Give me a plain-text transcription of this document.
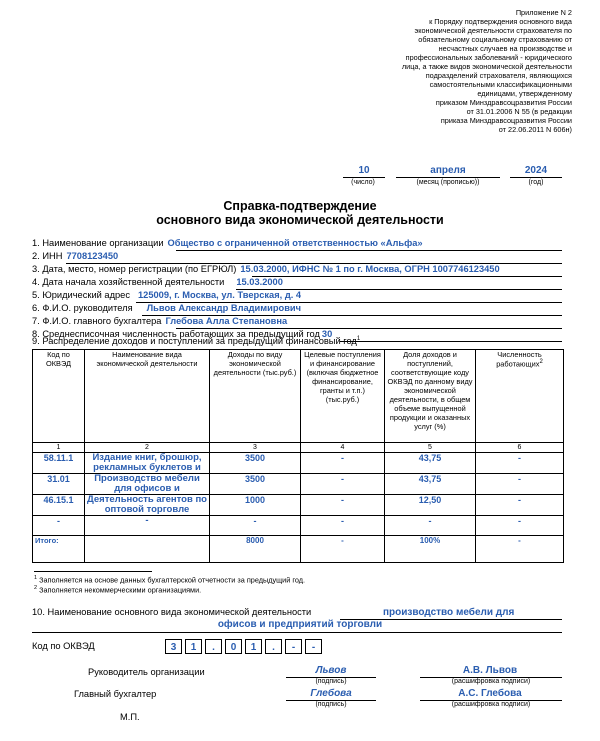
Приложение N 2
к Порядку подтверждения основного вида
экономической деятельности страхователя по
обязательному социальному страхованию от
несчастных случаев на производстве и
профессиональных заболеваний - юридического
лица, а также видов экономической деятельности
подразделений страхователя, являющихся
самостоятельными классификационными
единицами, утвержденному
приказом Минздравсоцразвития России
от 31.01.2006 N 55 (в редакции
приказа Минздравсоцразвития России
от 22.06.2011 N 606н)
10	апреля	2024
(число)	(месяц (прописью))	(год)
Справка-подтверждение
основного вида экономической деятельности
1. Наименование организации Общество с ограниченной ответственностью «Альфа»
2. ИНН 7708123450
3. Дата, место, номер регистрации (по ЕГРЮЛ) 15.03.2000, ИФНС № 1 по г. Москва, ОГРН 1007746123450
4. Дата начала хозяйственной деятельности 15.03.2000
5. Юридический адрес 125009, г. Москва, ул. Тверская, д. 4
6. Ф.И.О. руководителя Львов Александр Владимирович
7. Ф.И.О. главного бухгалтера Глебова Алла Степановна
8. Среднесписочная численность работающих за предыдущий год 30
9. Распределение доходов и поступлений за предыдущий финансовый год$^1$
Код по ОКВЭД	Наименование вида экономической деятельности	Доходы по виду экономической деятельности (тыс.руб.)	Целевые поступления и финансирование (включая бюджетное финансирование, гранты и т.п.) (тыс.руб.)	Доля доходов и поступлений, соответствующие коду ОКВЭД по данному виду экономической деятельности, в общем объеме выпущенной продукции и оказанных услуг (%)	Численность работающих$^2$
1	2	3	4	5	6
58.11.1	Издание книг, брошюр, рекламных буклетов и	3500	-	43,75	-
31.01	Производство мебели для офисов и	3500	-	43,75	-
46.15.1	Деятельность агентов по оптовой торговле	1000	-	12,50	-
-	-	-	-	-	-
Итого:		8000	-	100%	-
$^1$ Заполняется на основе данных бухгалтерской отчетности за предыдущий год.
$^2$ Заполняется некоммерческими организациями.
10. Наименование основного вида экономической деятельности	производство мебели для
офисов и предприятий торговли
Код по ОКВЭД	3	1	.	0	1	.	-	-
Руководитель организации	Львов
(подпись)
А.В. Львов
(расшифровка подписи)
Главный бухгалтер	Глебова
(подпись)
А.С. Глебова
(расшифровка подписи)
М.П.
